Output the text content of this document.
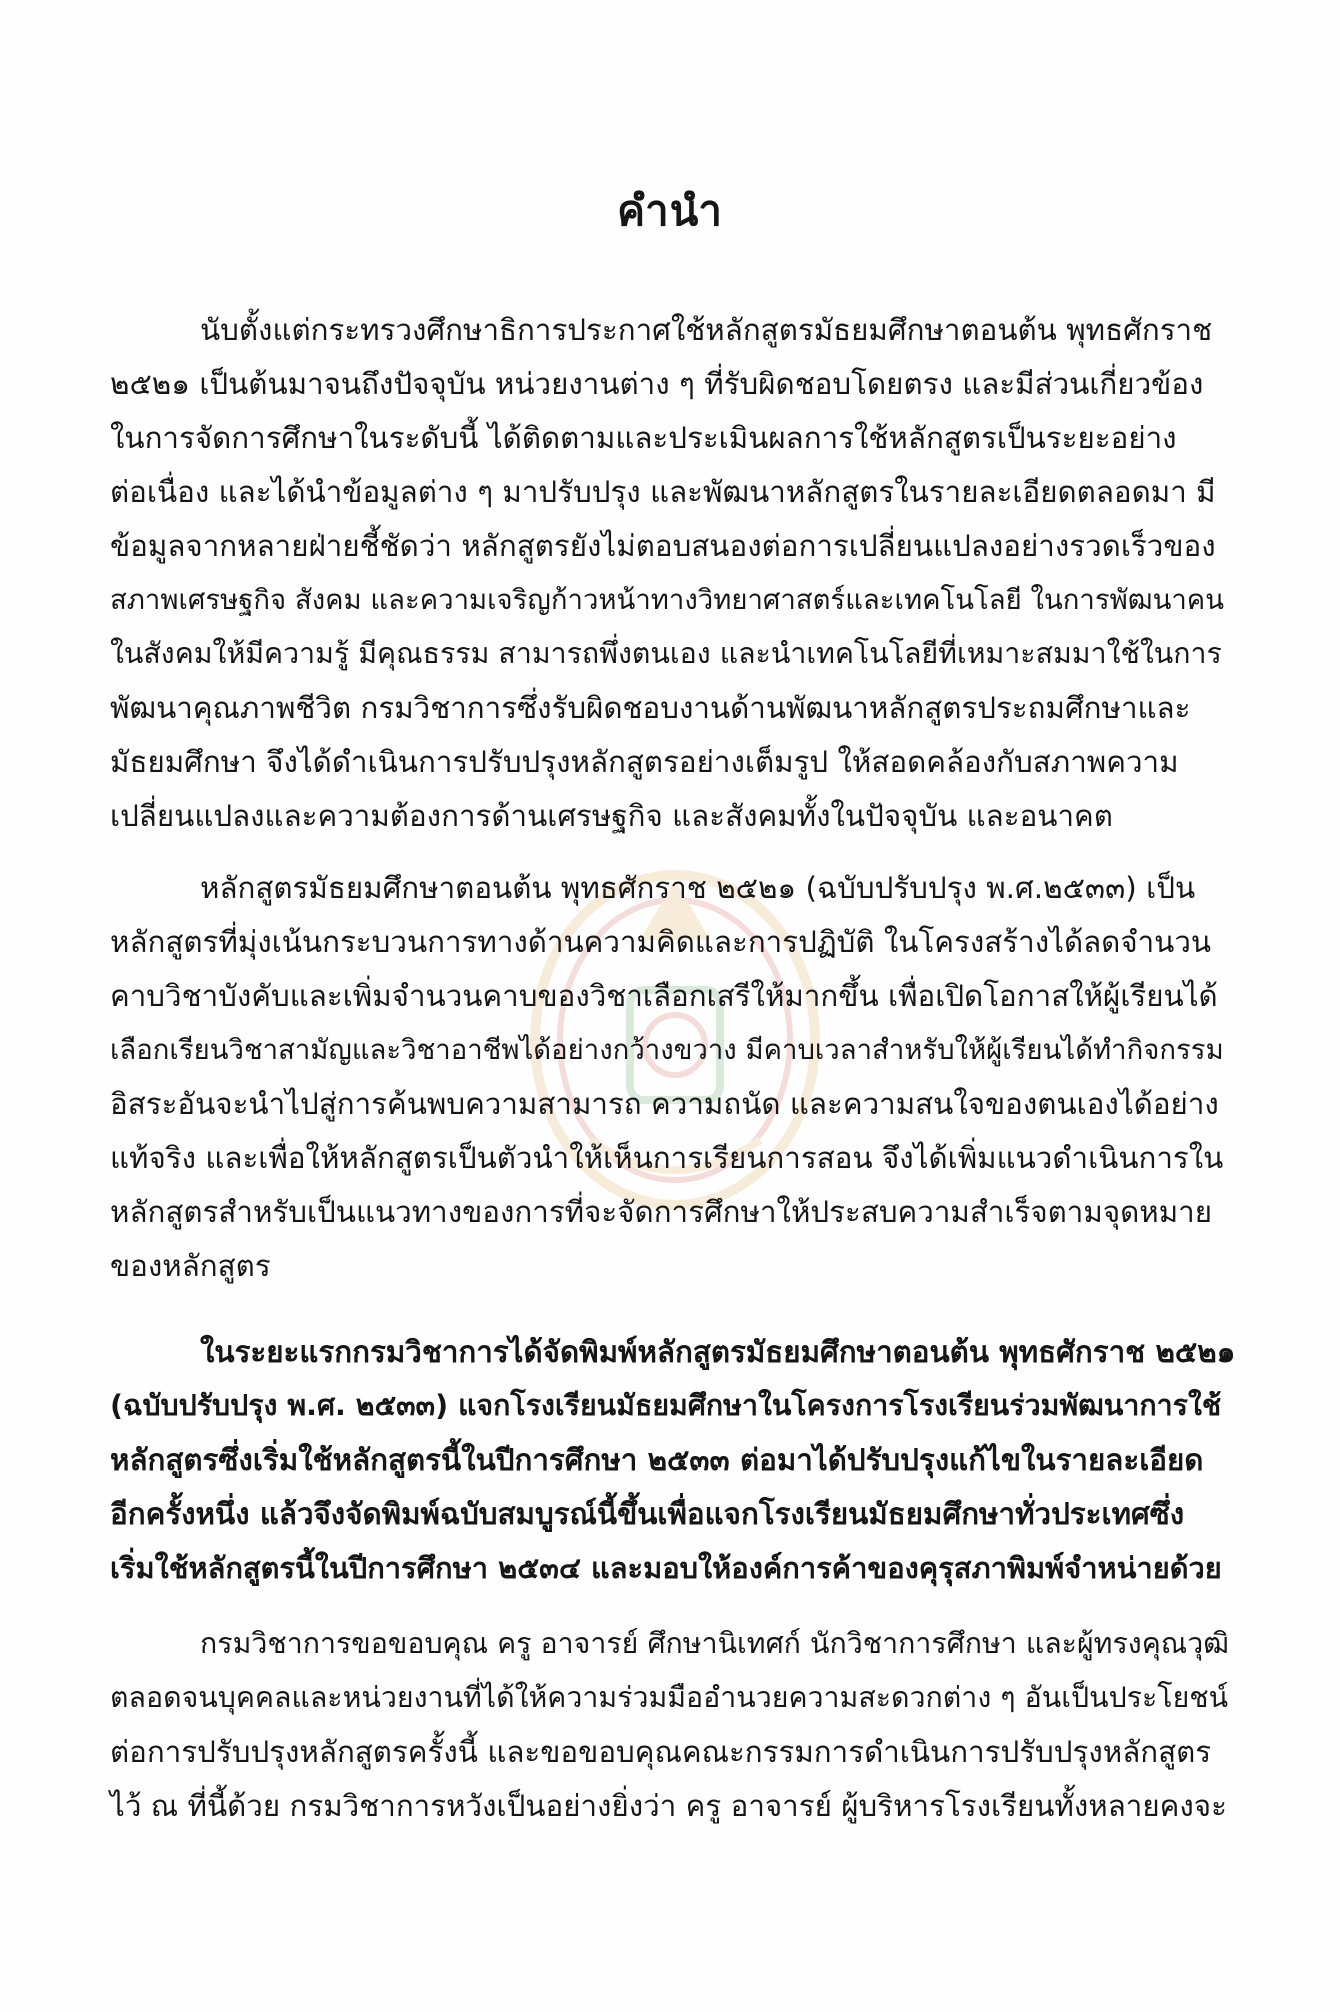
คำนำ
นับตั้งแต่กระทรวงศึกษาธิการประกาศใช้หลักสูตรมัธยมศึกษาตอนต้น พุทธศักราช
๒๕๒๑ เป็นต้นมาจนถึงปัจจุบัน หน่วยงานต่าง ๆ ที่รับผิดชอบโดยตรง และมีส่วนเกี่ยวข้อง
ในการจัดการศึกษาในระดับนี้ ได้ติดตามและประเมินผลการใช้หลักสูตรเป็นระยะอย่าง
ต่อเนื่อง และได้นำข้อมูลต่าง ๆ มาปรับปรุง และพัฒนาหลักสูตรในรายละเอียดตลอดมา มี
ข้อมูลจากหลายฝ่ายชี้ชัดว่า หลักสูตรยังไม่ตอบสนองต่อการเปลี่ยนแปลงอย่างรวดเร็วของ
สภาพเศรษฐกิจ สังคม และความเจริญก้าวหน้าทางวิทยาศาสตร์และเทคโนโลยี ในการพัฒนาคน
ในสังคมให้มีความรู้ มีคุณธรรม สามารถพึ่งตนเอง และนำเทคโนโลยีที่เหมาะสมมาใช้ในการ
พัฒนาคุณภาพชีวิต กรมวิชาการซึ่งรับผิดชอบงานด้านพัฒนาหลักสูตรประถมศึกษาและ
มัธยมศึกษา จึงได้ดำเนินการปรับปรุงหลักสูตรอย่างเต็มรูป ให้สอดคล้องกับสภาพความ
เปลี่ยนแปลงและความต้องการด้านเศรษฐกิจ และสังคมทั้งในปัจจุบัน และอนาคต
หลักสูตรมัธยมศึกษาตอนต้น พุทธศักราช ๒๕๒๑ (ฉบับปรับปรุง พ.ศ.๒๕๓๓) เป็น
หลักสูตรที่มุ่งเน้นกระบวนการทางด้านความคิดและการปฏิบัติ ในโครงสร้างได้ลดจำนวน
คาบวิชาบังคับและเพิ่มจำนวนคาบของวิชาเลือกเสรีให้มากขึ้น เพื่อเปิดโอกาสให้ผู้เรียนได้
เลือกเรียนวิชาสามัญและวิชาอาชีพได้อย่างกว้างขวาง มีคาบเวลาสำหรับให้ผู้เรียนได้ทำกิจกรรม
อิสระอันจะนำไปสู่การค้นพบความสามารถ ความถนัด และความสนใจของตนเองได้อย่าง
แท้จริง และเพื่อให้หลักสูตรเป็นตัวนำให้เห็นการเรียนการสอน จึงได้เพิ่มแนวดำเนินการใน
หลักสูตรสำหรับเป็นแนวทางของการที่จะจัดการศึกษาให้ประสบความสำเร็จตามจุดหมาย
ของหลักสูตร
ในระยะแรกกรมวิชาการได้จัดพิมพ์หลักสูตรมัธยมศึกษาตอนต้น พุทธศักราช ๒๕๒๑
(ฉบับปรับปรุง พ.ศ. ๒๕๓๓) แจกโรงเรียนมัธยมศึกษาในโครงการโรงเรียนร่วมพัฒนาการใช้
หลักสูตรซึ่งเริ่มใช้หลักสูตรนี้ในปีการศึกษา ๒๕๓๓ ต่อมาได้ปรับปรุงแก้ไขในรายละเอียด
อีกครั้งหนึ่ง แล้วจึงจัดพิมพ์ฉบับสมบูรณ์นี้ขึ้นเพื่อแจกโรงเรียนมัธยมศึกษาทั่วประเทศซึ่ง
เริ่มใช้หลักสูตรนี้ในปีการศึกษา ๒๕๓๔ และมอบให้องค์การค้าของคุรุสภาพิมพ์จำหน่ายด้วย
กรมวิชาการขอขอบคุณ ครู อาจารย์ ศึกษานิเทศก์ นักวิชาการศึกษา และผู้ทรงคุณวุฒิ
ตลอดจนบุคคลและหน่วยงานที่ได้ให้ความร่วมมืออำนวยความสะดวกต่าง ๆ อันเป็นประโยชน์
ต่อการปรับปรุงหลักสูตรครั้งนี้ และขอขอบคุณคณะกรรมการดำเนินการปรับปรุงหลักสูตร
ไว้ ณ ที่นี้ด้วย กรมวิชาการหวังเป็นอย่างยิ่งว่า ครู อาจารย์ ผู้บริหารโรงเรียนทั้งหลายคงจะ
